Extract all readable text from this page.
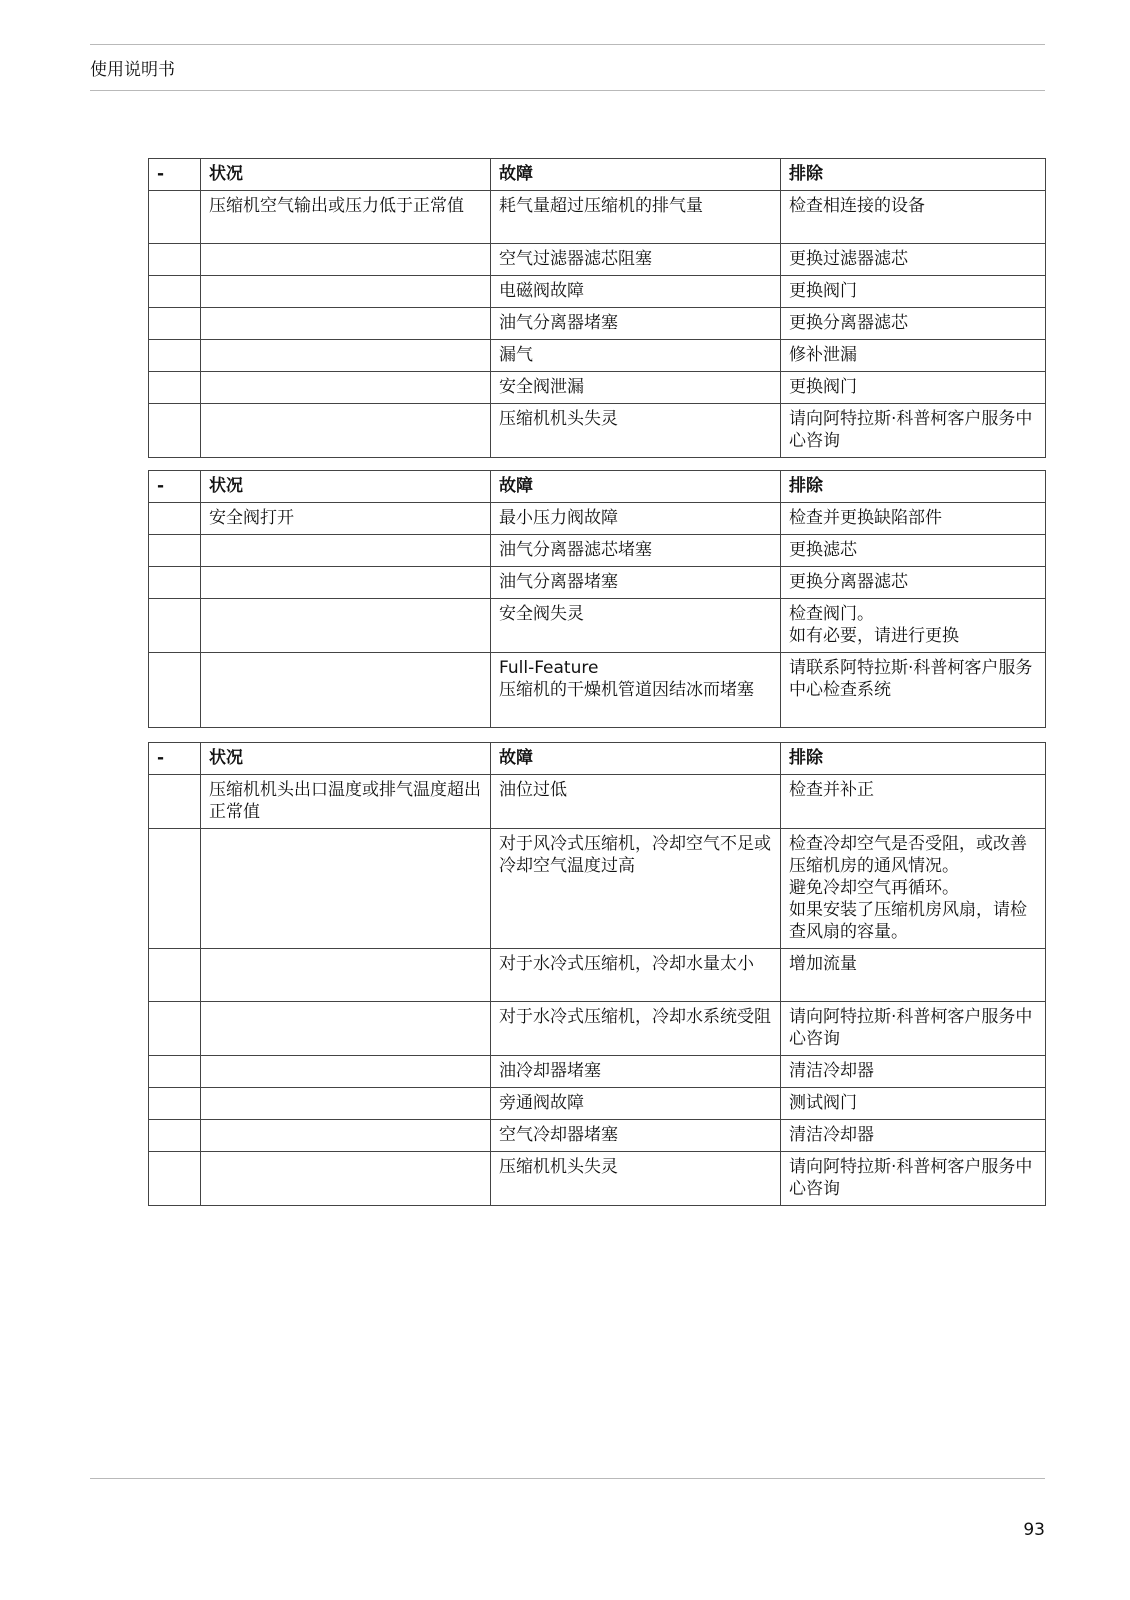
使用说明书
-	状况	故障	排除
	压缩机空气输出或压力低于正常值	耗气量超过压缩机的排气量	检查相连接的设备
		空气过滤器滤芯阻塞	更换过滤器滤芯
		电磁阀故障	更换阀门
		油气分离器堵塞	更换分离器滤芯
		漏气	修补泄漏
		安全阀泄漏	更换阀门
		压缩机机头失灵	请向阿特拉斯·科普柯客户服务中心咨询
-	状况	故障	排除
	安全阀打开	最小压力阀故障	检查并更换缺陷部件
		油气分离器滤芯堵塞	更换滤芯
		油气分离器堵塞	更换分离器滤芯
		安全阀失灵	检查阀门。
如有必要，请进行更换
		Full-Feature
压缩机的干燥机管道因结冰而堵塞	请联系阿特拉斯·科普柯客户服务中心检查系统
-	状况	故障	排除
	压缩机机头出口温度或排气温度超出正常值	油位过低	检查并补正
		对于风冷式压缩机，冷却空气不足或冷却空气温度过高	检查冷却空气是否受阻，或改善压缩机房的通风情况。
避免冷却空气再循环。
如果安装了压缩机房风扇，请检查风扇的容量。
		对于水冷式压缩机，冷却水量太小	增加流量
		对于水冷式压缩机，冷却水系统受阻	请向阿特拉斯·科普柯客户服务中心咨询
		油冷却器堵塞	清洁冷却器
		旁通阀故障	测试阀门
		空气冷却器堵塞	清洁冷却器
		压缩机机头失灵	请向阿特拉斯·科普柯客户服务中心咨询
93
